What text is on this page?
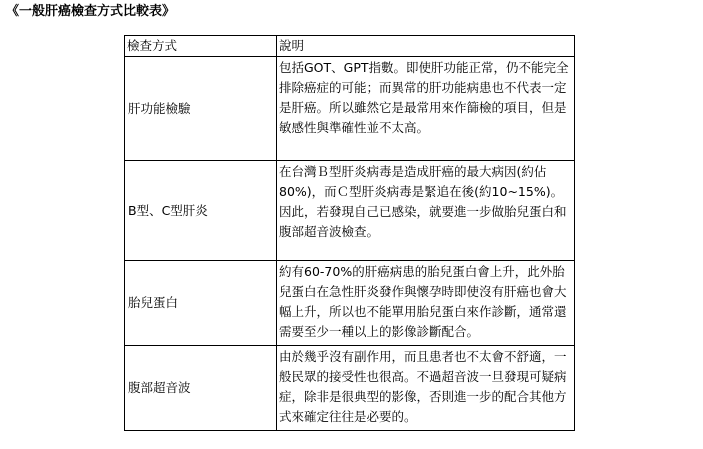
《一般肝癌檢查方式比較表》
檢查方式	說明
肝功能檢驗	包括GOT、GPT指數。即使肝功能正常，仍不能完全排除癌症的可能；而異常的肝功能病患也不代表一定是肝癌。所以雖然它是最常用來作篩檢的項目，但是敏感性與準確性並不太高。

B型、C型肝炎	在台灣Ｂ型肝炎病毒是造成肝癌的最大病因(約佔80%)，而Ｃ型肝炎病毒是緊追在後(約10~15%)。

因此，若發現自己已感染，就要進一步做胎兒蛋白和腹部超音波檢查。

胎兒蛋白	約有60-70%的肝癌病患的胎兒蛋白會上升，此外胎兒蛋白在急性肝炎發作與懷孕時即使沒有肝癌也會大幅上升，所以也不能單用胎兒蛋白來作診斷，通常還需要至少一種以上的影像診斷配合。

腹部超音波	由於幾乎沒有副作用，而且患者也不太會不舒適，一般民眾的接受性也很高。不過超音波一旦發現可疑病症，除非是很典型的影像，否則進一步的配合其他方式來確定往往是必要的。
